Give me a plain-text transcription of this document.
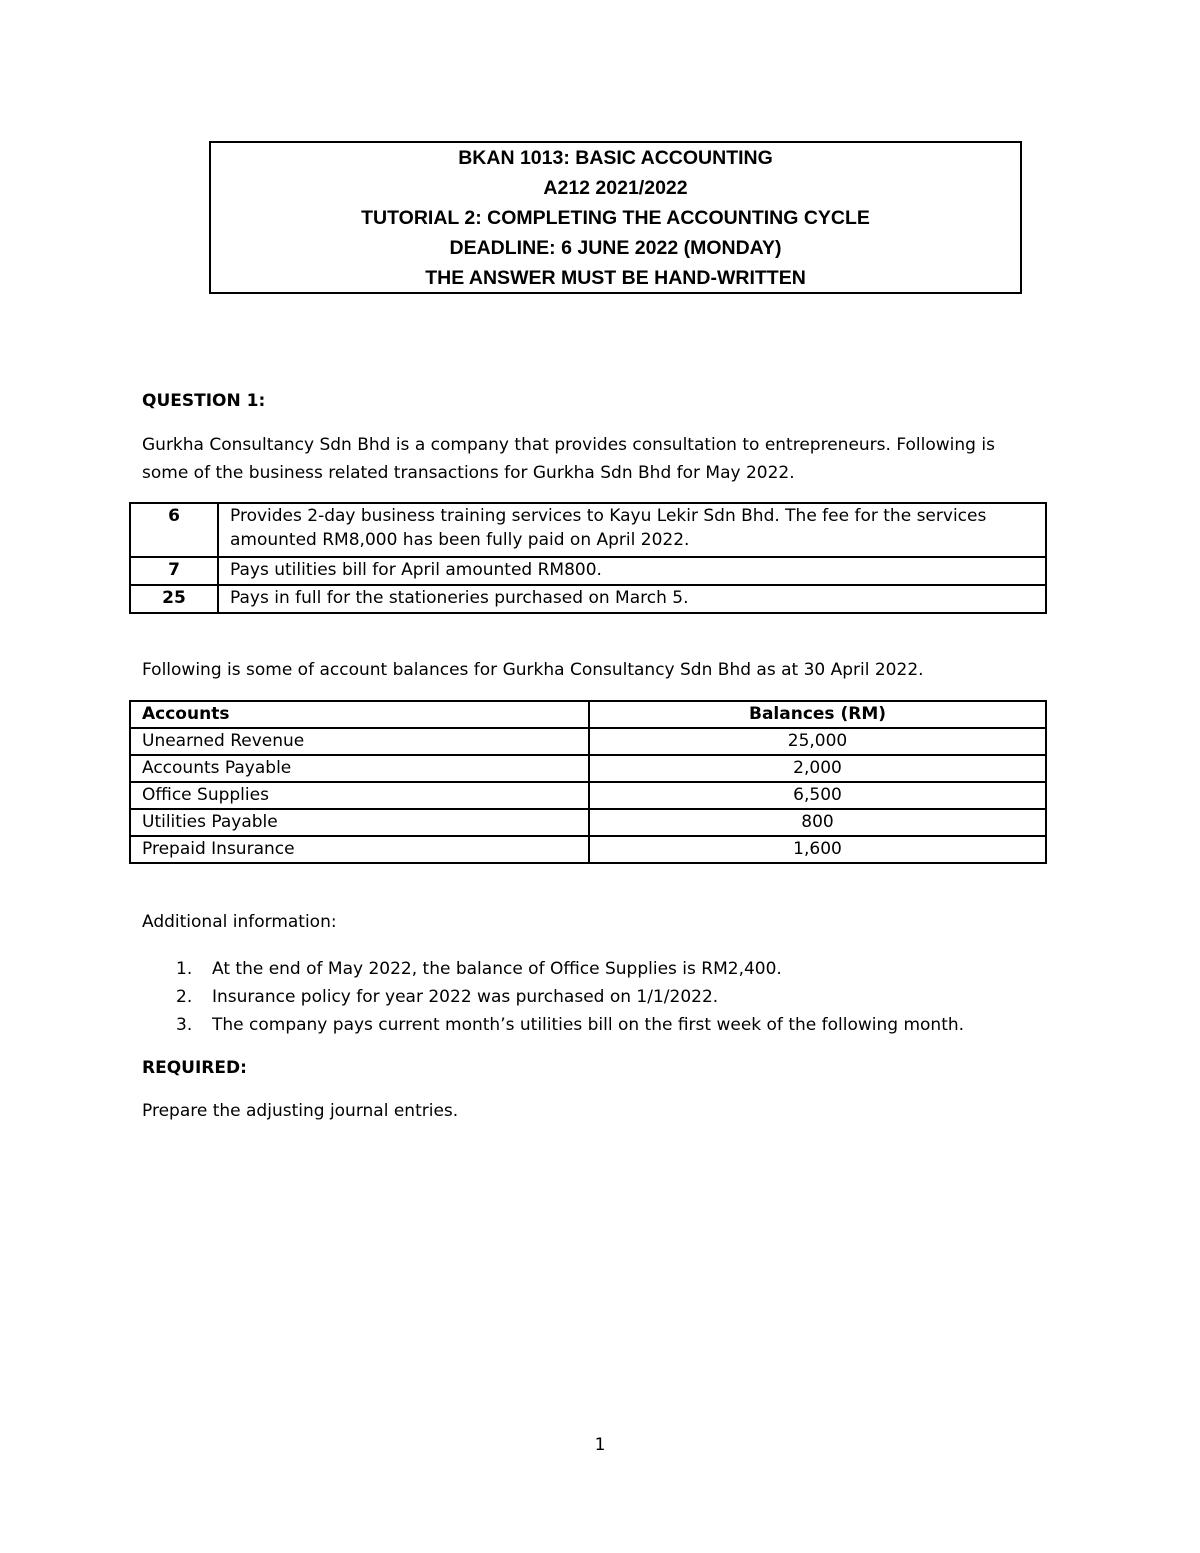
BKAN 1013: BASIC ACCOUNTING
A212 2021/2022
TUTORIAL 2: COMPLETING THE ACCOUNTING CYCLE
DEADLINE: 6 JUNE 2022 (MONDAY)
THE ANSWER MUST BE HAND-WRITTEN
QUESTION 1:
Gurkha Consultancy Sdn Bhd is a company that provides consultation to entrepreneurs. Following is
some of the business related transactions for Gurkha Sdn Bhd for May 2022.
6	Provides 2-day business training services to Kayu Lekir Sdn Bhd. The fee for the services
amounted RM8,000 has been fully paid on April 2022.

7	Pays utilities bill for April amounted RM800.
25	Pays in full for the stationeries purchased on March 5.
Following is some of account balances for Gurkha Consultancy Sdn Bhd as at 30 April 2022.
Accounts	Balances (RM)
Unearned Revenue	25,000
Accounts Payable	2,000
Office Supplies	6,500
Utilities Payable	800
Prepaid Insurance	1,600
Additional information:
1. At the end of May 2022, the balance of Office Supplies is RM2,400.
2. Insurance policy for year 2022 was purchased on 1/1/2022.
3. The company pays current month’s utilities bill on the first week of the following month.
REQUIRED:
Prepare the adjusting journal entries.
1
